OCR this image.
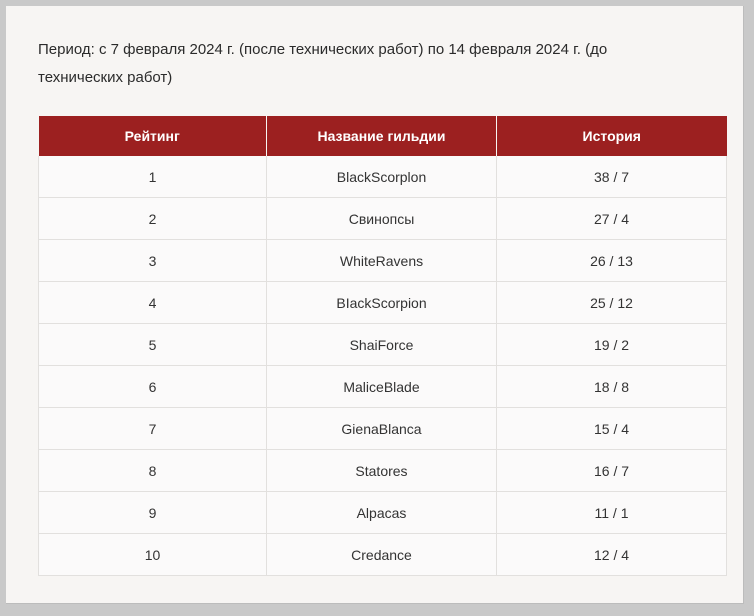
Период: с 7 февраля 2024 г. (после технических работ) по 14 февраля 2024 г. (до технических работ)

Рейтинг	Название гильдии	История
1	BlackScorplon	38 / 7
2	Свинопсы	27 / 4
3	WhiteRavens	26 / 13
4	BIackScorpion	25 / 12
5	ShaiForce	19 / 2
6	MaliceBlade	18 / 8
7	GienaBlanca	15 / 4
8	Statores	16 / 7
9	Alpacas	11 / 1
10	Credance	12 / 4
